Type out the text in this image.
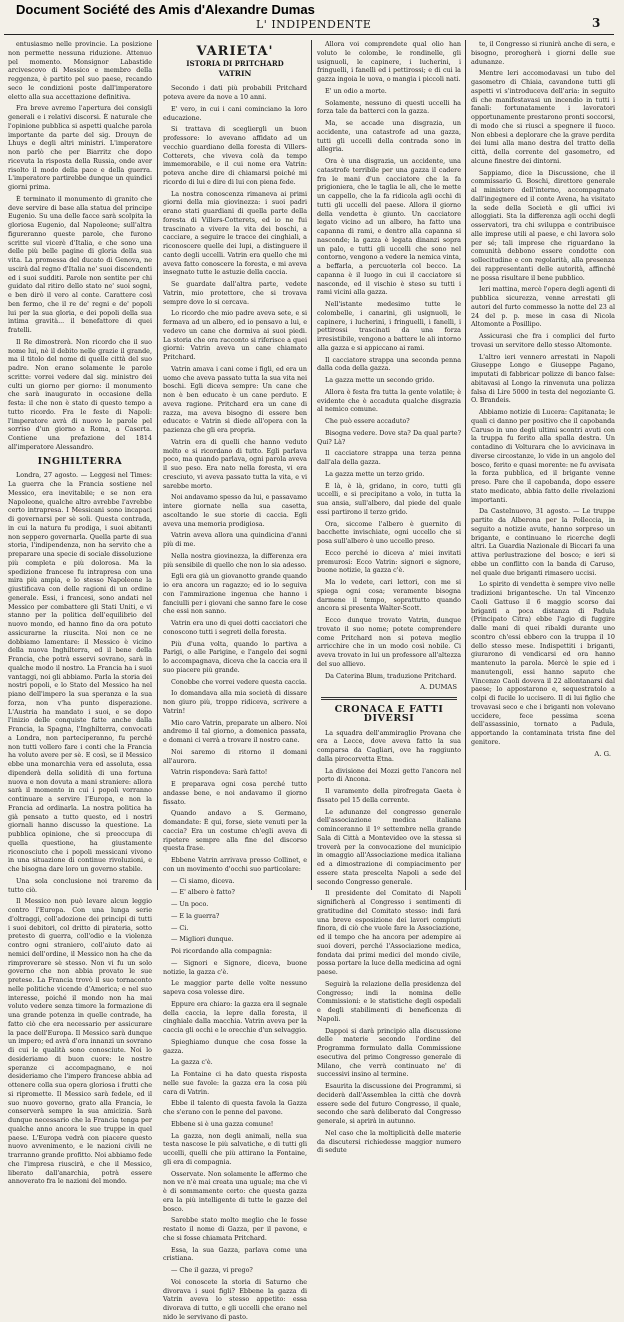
Document Société des Amis d'Alexandre Dumas
L' INDIPENDENTE	3

entusiasmo nelle provincie. La posizione non permette nessuna riduzione. Attenuo pel momento. Monsignor Labastide arcivescovo di Messico e membro della reggenza, è partito pel suo paese, recando seco le condizioni poste dall'imperatore eletto alla sua accettazione definitiva.

Fra breve avremo l'apertura dei consigli generali e i relativi discorsi. È naturale che l'opinione pubblica si aspetti qualche parola importante da parte del sig. Drouyn de Lhuys e degli altri ministri. L'imperatore non parlò che per Biarritz che dopo ricevuta la risposta della Russia, onde aver risolto il modo della pace e della guerra. L'imperatore partirebbe dunque un quindici giorni prima.

È terminato il monumento di granito che deve servire di base alla statua del principe Eugenio. Su una delle facce sarà scolpita la gloriosa Eugenio, dal Napoleone; sull'altra figureranno queste parole, che furono scritte sul vicerè d'Italia, e che sono una delle più belle pagine di gloria della sua vita. La promessa del ducato di Genova, ne uscirà dal regno d'Italia ne' suoi discendenti ed i suoi sudditi. Parole non sentite per chi guidato dal ritiro dello stato ne' suoi sogni, e ben dirò il vero al conte. Carattere così ben fermo, che il re de' regni e de' popoli lui per la sua gloria, e dei popoli della sua intima gravità... il benefattore di quei fratelli.

Il Re dimostrerà. Non ricordo che il suo nome lui, nè il debito nelle grazie il grande, ma il titolo del nome di quelle città del suo padre. Non erano solamente le parole scritte: vorrei vedere dal sig. ministro dei culti un giorno per giorno: il monumento che sarà inaugurato in occasione della festa: il che non è stato di questo tempo a tutto ricordo. Fra le feste di Napoli: l'imperatore avrà di nuovo le parole pel sorriso d'un giorno a Roma, a Caserta. Contiene una prefazione del 1814 all'imperatore Alessandro.

INGHILTERRA

Londra, 27 agosto. — Leggesi nel Times: La guerra che la Francia sostiene nel Messico, era inevitabile; e se non era Napoleone, qualche altro avrebbe l'avrebbe certo intrapresa. I Messicani sono incapaci di governarsi per sè soli. Questa contrada, in cui la natura fu prodiga, i suoi abitanti non seppero governarla. Quella parte di sua storia, l'indipendenza, non ha servito che a preparare una specie di sociale dissoluzione più completa e più dolorosa. Ma la spedizione francese fu intrapresa con una mira più ampia, e lo stesso Napoleone la giustificava con delle ragioni di un ordine generale. Essi, i francesi, sono andati nel Messico per combattere gli Stati Uniti, e vi stanno per la politica dell'equilibrio del nuovo mondo, ed hanno fino da ora potuto assicurarne la riuscita. Noi non ce ne dobbiamo lamentare: il Messico è vicino della nuova Inghilterra, ed il bene della Francia, che potrà esservi sovrano, sarà in qualche modo il nostro. La Francia ha i suoi vantaggi, noi gli abbiamo. Parla la storia dei nostri popoli, e lo Stato del Messico ha nel piano dell'impero la sua speranza e la sua forza, non v'ha punto disperazione. L'Austria ha mandato i suoi, e se dopo l'inizio delle conquiste fatte anche dalla Francia, la Spagna, l'Inghilterra, convocati a Londra, non parteciperanno, fu perché non tutti vollero fare i conti che la Francia ha voluto avere per sè. E così, se il Messico ebbe una monarchia vera ed assoluta, essa dipenderà della solidità di una fortuna nuova e non dovuta a mani straniere: allora sarà il momento in cui i popoli vorranno continuare a servire l'Europa, e non la Francia ad ordinarla. La nostra politica ha già pensato a tutto questo, ed i nostri giornali hanno discusso la questione. La pubblica opinione, che si preoccupa di quella questione, ha giustamente riconosciuto che i popoli messicani vivono in una situazione di continue rivoluzioni, e che bisogna dare loro un governo stabile.

Una sola conclusione noi traremo da tutto ciò.

Il Messico non può levare alcun leggio contro l'Europa. Con una lunga serie d'oltraggi, coll'adozione dei principi di tutti i suoi debitori, col dritto di pirateria, sotto pretesto di guerra, coll'odio e la violenza contro ogni straniero, coll'aiuto dato ai nemici dell'ordine, il Messico non ha che da rimproverare sè stesso. Non vi fu un solo governo che non abbia provato le sue pretese. La Francia trovò il suo tornaconto nelle politiche vicende d'America; e nel suo interesse, poiché il mondo non ha mai voluto vedere senza timore la formazione di una grande potenza in quelle contrade, ha fatto ciò che era necessario per assicurare la pace dell'Europa. Il Messico sarà dunque un impero; ed avrà d'ora innanzi un sovrano di cui le qualità sono conosciute. Noi lo desideriamo di buon cuore: le nostre speranze ci accompagnano, e noi desideriamo che l'impero francese abbia ad ottenere colla sua opera gloriosa i frutti che si ripromette. Il Messico sarà fedele, ed il suo nuovo governo, grato alla Francia, le conserverà sempre la sua amicizia. Sarà dunque necessario che la Francia tenga per qualche anno ancora le sue truppe in quel paese. L'Europa vedrà con piacere questo nuovo avvenimento, e le nazioni civili ne trarranno grande profitto. Noi abbiamo fede che l'impresa riuscirà, e che il Messico, liberato dall'anarchia, potrà essere annoverato fra le nazioni del mondo.

VARIETA'
ISTORIA DI PRITCHARD
VATRIN

Secondo i dati più probabili Pritchard poteva avere da nove a 10 anni.

E' vero, in cui i cani cominciano la loro educazione.

Si trattava di scegliergli un buon professore: lo avevano affidato ad un vecchio guardiano della foresta di Villers-Cotterets, che viveva colà da tempo immemorabile, e il cui nome era Vatrin: poteva anche dire di chiamarsi poiché mi ricordo di lui e dire di lui con piena fede.

La nostra conoscenza rimaneva ai primi giorni della mia giovinezza: i suoi padri erano stati guardiani di quella parte della foresta di Villers-Cotterets, ed io ne fui trascinato a vivere la vita dei boschi, a cacciare, a seguire le tracce dei cinghiali, a riconoscere quelle dei lupi, a distinguere il canto degli uccelli. Vatrin era quello che mi aveva fatto conoscere la foresta, e mi aveva insegnato tutte le astuzie della caccia.

Se guardate dall'altra parte, vedete Vatrin, mio protettore, che si trovava sempre dove lo si cercava.

Lo ricordo che mio padre aveva sete, e si fermava ad un albero, ed io pensavo a lui, e vedevo un cane che dormiva ai suoi piedi. La storia che ora racconto si riferisce a quei giorni: Vatrin aveva un cane chiamato Pritchard.

Vatrin amava i cani come i figli, ed era un uomo che aveva passato tutta la sua vita nei boschi. Egli diceva sempre: Un cane che non è ben educato è un cane perduto. E aveva ragione. Pritchard era un cane di razza, ma aveva bisogno di essere ben educato: e Vatrin si diede all'opera con la pazienza che gli era propria.

Vatrin era di quelli che hanno veduto molto e si ricordano di tutto. Egli parlava poco, ma quando parlava, ogni parola aveva il suo peso. Era nato nella foresta, vi era cresciuto, vi aveva passato tutta la vita, e vi sarebbe morto.

Noi andavamo spesso da lui, e passavamo intere giornate nella sua casetta, ascoltando le sue storie di caccia. Egli aveva una memoria prodigiosa.

Vatrin aveva allora una quindicina d'anni più di me.

Nella nostra giovinezza, la differenza era più sensibile di quello che non lo sia adesso.

Egli era già un giovanotto grande quando io era ancora un ragazzo; ed io lo seguiva con l'ammirazione ingenua che hanno i fanciulli per i giovani che sanno fare le cose che essi non sanno.

Vatrin era uno di quei dotti cacciatori che conoscono tutti i segreti della foresta.

Più d'una volta, quando lo partiva a Parigi, o alle Parigine, e l'angelo dei sogni lo accompagnava, diceva che la caccia era il suo piacere più grande.

Conobbe che vorrei vedere questa caccia.

Io domandava alla mia società di dissare non giuro più, troppo ridiceva, scrivere a Vatrin!

Mio caro Vatrin, preparate un albero. Noi andremo il tal giorno, a domenica passata, e domani ci verrà a trovare il nostro cane.

Noi saremo di ritorno il domani all'aurora.

Vatrin rispondeva: Sarà fatto!

E preparava ogni cosa perché tutto andasse bene, e noi andavamo il giorno fissato.

Quando andavo a S. Germano, domandate: È qui, forse, siete venuti per la caccia? Era un costume ch'egli aveva di ripetere sempre alla fine del discorso questa frase.

Ebbene Vatrin arrivava presso Collinet, e con un movimento d'occhi suo particolare:

— Ci siamo, diceva.

— E' albero è fatto?

— Un poco.

— E la guerra?

— Ci.

— Migliori dunque.

Poi ricordando alla compagnia:

— Signori e Signore, diceva, buone notizie, la gazza c'è.

Le maggior parte delle volte nessuno sapeva cosa volesse dire.

Eppure era chiaro: la gazza era il segnale della caccia, la lepre dalla foresta, il cinghiale dalla macchia. Vatrin aveva per la caccia gli occhi e le orecchie d'un selvaggio.

Spieghiamo dunque che cosa fosse la gazza.

La gazza c'è.

La Fontaine ci ha dato questa risposta nelle sue favole: la gazza era la cosa più cara di Vatrin.

Ebbe il talento di questa favola la Gazza che s'erano con le penne del pavone.

Ebbene si è una gazza comune!

La gazza, non degli animali, nella sua testa nascose le più salvatiche, e di tutti gli uccelli, quelli che più attirano la Fontaine, gli era di compagnia.

Osservate. Non solamente le affermo che non ve n'è mai creata una uguale; ma che vi è di sommamente certo: che questa gazza era la più intelligente di tutte le gazze del bosco.

Sarebbe stato molto meglio che le fosse restato il nome di Gazza, per il pavone, e che si fosse chiamata Pritchard.

Essa, la sua Gazza, parlava come una cristiana.

— Che il gazza, vi prego?

Voi conoscete la storia di Saturno che divorava i suoi figli? Ebbene la gazza di Vatrin aveva lo stesso appetito: essa divorava di tutto, e gli uccelli che erano nel nido le servivano di pasto.

Allora voi comprendete qual olio han voluto le colombe, le rondinelle, gli usignuoli, le capinere, i lucherini, i fringuelli, i fanelli ed i pettirossi; e di cui la gazza ingoia le uova, o mangia i piccoli nati.

E' un odio a morte.

Solamente, nessuno di questi uccelli ha forza tale da batterci con la gazza.

Ma, se accade una disgrazia, un accidente, una catastrofe ad una gazza, tutti gli uccelli della contrada sono in allegria.

Ora è una disgrazia, un accidente, una catastrofe terribile per una gazza il cadere fra le mani d'un cacciatore che la fa prigioniera, che le taglia le ali, che le mette un cappello, che la fa ridicola agli occhi di tutti gli uccelli del paese. Allora il giorno della vendetta è giunto. Un cacciatore legato vicino ad un albero, ha fatto una capanna di rami, e dentro alla capanna si nasconde; la gazza è legata dinanzi sopra un palo, e tutti gli uccelli che sono nel contorno, vengono a vedere la nemica vinta, a beffarla, a percuoterla col becco. La capanna è il luogo in cui il cacciatore si nasconde, ed il vischio è steso su tutti i rami vicini alla gazza.

Nell'istante medesimo tutte le colombelle, i canarini, gli usignuoli, le capinere, i lucherini, i fringuelli, i fanelli, i pettirossi trascinati da una forza irresistibile, vengono a battere le ali intorno alla gazza e si appiccano ai rami.

Il cacciatore strappa una seconda penna dalla coda della gazza.

La gazza mette un secondo grido.

Allora è festa fra tutta la gente volatile; è evidente che è accaduta qualche disgrazia al nemico comune.

Che può essere accaduto?

Bisogna vedere. Dove sta? Da qual parte? Qui? Là?

Il cacciatore strappa una terza penna dall'ala della gazza.

La gazza mette un terzo grido.

È là, è là, gridano, in coro, tutti gli uccelli, e si precipitano a volo, in tutta la sua ansia, sull'albero, dal piede del quale essi partirono il terzo grido.

Ora, siccome l'albero è guernito di bacchette invischiate, ogni uccello che si posa sull'albero è uno uccello preso.

Ecco perché io diceva a' miei invitati premurosi: Ecco Vatrin: signori e signore, buone notizie, la gazza c'è.

Ma lo vedete, cari lettori, con me si spiega ogni cosa; veramente bisogna darmene il tempo, soprattutto quando ancora si presenta Walter-Scott.

Ecco dunque trovato Vatrin, dunque trovato il suo nome; potete comprendere come Pritchard non si poteva meglio arricchire che in un modo così nobile. Ci aveva trovato in lui un professore all'altezza del suo allievo.

Da Caterina Blum, traduzione Pritchard.

A. DUMAS

CRONACA E FATTI DIVERSI

La squadra dell'ammiraglio Provana che era a Lecce, dove aveva fatto la sua comparsa da Cagliari, ove ha raggiunto dalla pirocorvetta Etna.

La divisione dei Mozzi getto l'ancora nel porto di Ancona.

Il varamento della pirofregata Gaeta è fissato pel 15 della corrente.

Le adunanze del congresso generale dell'associazione medica italiana cominceranno il 1º settembre nella grande Sala di Città a Montevideo ove la stessa si troverà per la convocazione del municipio in omaggio all'Associazione medica italiana ed a dimostrazione di compiacimento per essere stata prescelta Napoli a sede del secondo Congresso generale.

Il presidente del Comitato di Napoli significherà al Congresso i sentimenti di gratitudine del Comitato stesso: indi fará una breve esposizione dei lavori compiuti finora, di ciò che vuole fare la Associazione, ed il tempo che ha ancora per adempire ai suoi doveri, perché l'Associazione medica, fondata dai primi medici del mondo civile, possa portare la luce della medicina ad ogni paese.

Seguirà la relazione della presidenza del Congresso; indi la nomina delle Commissioni: e le statistiche degli ospedali e degli stabilimenti di beneficenza di Napoli.

Dappoi si darà principio alla discussione delle materie secondo l'ordine del Programma formulato dalla Commissione esecutiva del primo Congresso generale di Milano, che verrà continuato ne' di successivi insino al termine.

Esaurita la discussione dei Programmi, si deciderà dall'Assemblea la città che dovrà essere sede del futuro Congresso, il quale, secondo che sarà deliberato dal Congresso generale, si aprirà in autunno.

Nel caso che la moltiplicità delle materie da discutersi richiedesse maggior numero di sedute

te, il Congresso si riunirà anche di sera, e bisogno, prorogherà i giorni delle sue adunanze.

Mentre leri accomodavasi un tubo del gasometro di Chiaia, cavandone tutti gli aspetti vi s'introduceva dell'aria: in seguito di che manifestavasi un incendio in tutti i fanali: fortunatamente i lavoratori opportunamente prestarono pronti soccorsi, di modo che si riuscì a spegnere il fuoco. Non ebbesi a deplorare che la grave perdita dei lumi alla mano destra del tratto della città, della corrente del gasometro, ed alcune finestre dei dintorni.

Sappiamo, dice la Discussione, che il commissario G. Boschi, direttore generale al ministero dell'interno, accompagnato dall'ingegnere ed il conte Avena, ha visitato la sede della Società e gli uffici ivi alloggiati. Sta la differenza agli occhi degli osservatori, tra chi sviluppa e contribuisce alle imprese utili al paese, e chi lavora solo per sé; tali imprese che riguardano la comunità debbono essere condotte con sollecitudine e con regolarità, alla presenza dei rappresentanti delle autorità, affinché ne possa risultare il bene pubblico.

Ieri mattina, mercè l'opera degli agenti di pubblica sicurezza, venne arrestati gli autori del furto commesso la notte del 23 al 24 del p. p. mese in casa di Nicola Altomonte a Posillipo.

Assicurasi che fra i complici del furto trovasi un servitore dello stesso Altomonte.

L'altro ieri vennero arrestati in Napoli Giuseppe Longo e Giuseppe Pagano, imputati di fabbricar polizze di banco false: abitavasi al Longo la rinvenuta una polizza falsa di Lire 5000 in testa del negoziante G. O. Brandeis.

Abbiamo notizie di Lucera: Capitanata; le quali ci danno per positivo che il capobanda Caruso in uno degli ultimi scontri avuti con la truppa fu ferito alla spalla destra. Un contadino di Volturara che lo avvicinava in diverse circostanze, lo vide in un angolo del bosco, ferito e quasi morente: ne fu avvisata la forza pubblica, ed il brigante venne preso. Pare che il capobanda, dopo essere stato medicato, abbia fatto delle rivelazioni importanti.

Da Castelnuovo, 31 agosto. — Le truppe partite da Alberona per la Polleccia, in seguito a notizie avute, hanno sorpreso un brigante, e continuano le ricerche degli altri. La Guardia Nazionale di Biccari fa una attiva perlustrazione del bosco; e ieri si ebbe un conflitto con la banda di Caruso, nel quale due briganti rimasero uccisi.

Lo spirito di vendetta è sempre vivo nelle tradizioni brigantesche. Un tal Vincenzo Caoli Gattuso il 6 maggio scorso dai briganti a poca distanza di Padula (Principato Citra) ebbe l'agio di fuggire dalle mani di quei ribaldi durante uno scontro ch'essi ebbero con la truppa il 10 dello stesso mese. Indispettiti i briganti, giurarono di vendicarsi ed ora hanno mantenuto la parola. Mercè le spie ed i manutengoli, essi hanno saputo che Vincenzo Caoli doveva il 22 allontanarsi dal paese; lo appostarono e, sequestratolo a colpi di fucile lo uccisero. Il di lui figlio che trovavasi seco e che i briganti non volevano uccidere, fece pessima scena dell'assassinio, tornato a Padula, apportando la contaminata trista fine del genitore.

A. G.
